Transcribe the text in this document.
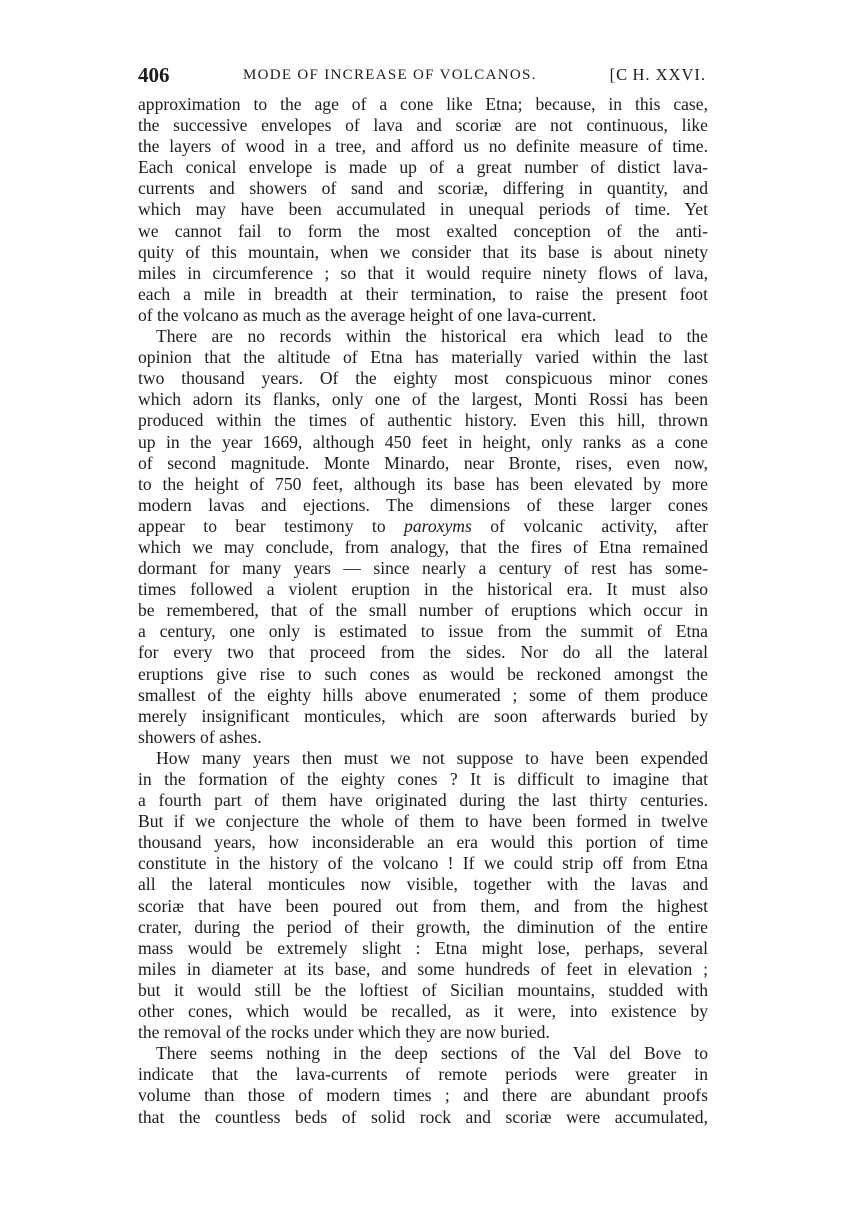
406	MODE OF INCREASE OF VOLCANOS.	[C H. XXVI.
approximation to the age of a cone like Etna; because, in this case,
the successive envelopes of lava and scoriæ are not continuous, like
the layers of wood in a tree, and afford us no definite measure of time.
Each conical envelope is made up of a great number of distict lava-
currents and showers of sand and scoriæ, differing in quantity, and
which may have been accumulated in unequal periods of time. Yet
we cannot fail to form the most exalted conception of the anti-
quity of this mountain, when we consider that its base is about ninety
miles in circumference ; so that it would require ninety flows of lava,
each a mile in breadth at their termination, to raise the present foot
of the volcano as much as the average height of one lava-current.
There are no records within the historical era which lead to the
opinion that the altitude of Etna has materially varied within the last
two thousand years. Of the eighty most conspicuous minor cones
which adorn its flanks, only one of the largest, Monti Rossi has been
produced within the times of authentic history. Even this hill, thrown
up in the year 1669, although 450 feet in height, only ranks as a cone
of second magnitude. Monte Minardo, near Bronte, rises, even now,
to the height of 750 feet, although its base has been elevated by more
modern lavas and ejections. The dimensions of these larger cones
appear to bear testimony to paroxyms of volcanic activity, after
which we may conclude, from analogy, that the fires of Etna remained
dormant for many years — since nearly a century of rest has some-
times followed a violent eruption in the historical era. It must also
be remembered, that of the small number of eruptions which occur in
a century, one only is estimated to issue from the summit of Etna
for every two that proceed from the sides. Nor do all the lateral
eruptions give rise to such cones as would be reckoned amongst the
smallest of the eighty hills above enumerated ; some of them produce
merely insignificant monticules, which are soon afterwards buried by
showers of ashes.
How many years then must we not suppose to have been expended
in the formation of the eighty cones ? It is difficult to imagine that
a fourth part of them have originated during the last thirty centuries.
But if we conjecture the whole of them to have been formed in twelve
thousand years, how inconsiderable an era would this portion of time
constitute in the history of the volcano ! If we could strip off from Etna
all the lateral monticules now visible, together with the lavas and
scoriæ that have been poured out from them, and from the highest
crater, during the period of their growth, the diminution of the entire
mass would be extremely slight : Etna might lose, perhaps, several
miles in diameter at its base, and some hundreds of feet in elevation ;
but it would still be the loftiest of Sicilian mountains, studded with
other cones, which would be recalled, as it were, into existence by
the removal of the rocks under which they are now buried.
There seems nothing in the deep sections of the Val del Bove to
indicate that the lava-currents of remote periods were greater in
volume than those of modern times ; and there are abundant proofs
that the countless beds of solid rock and scoriæ were accumulated,
